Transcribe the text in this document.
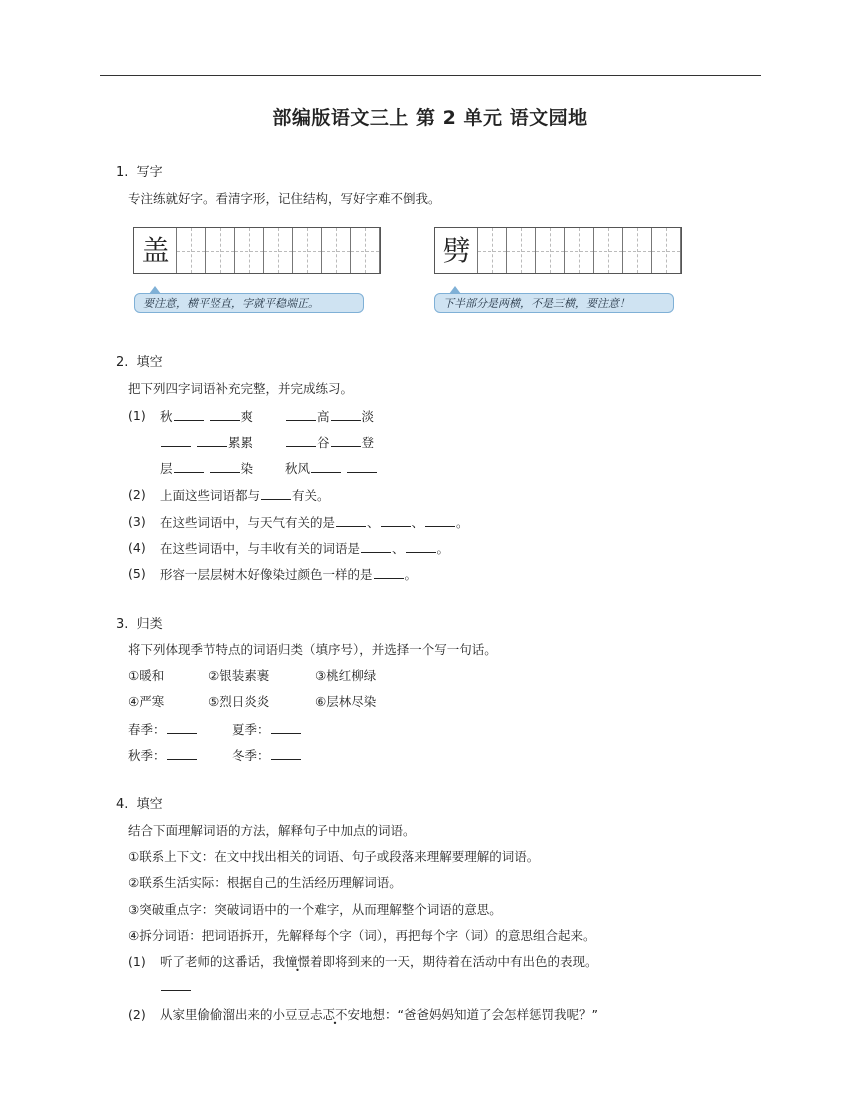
部编版语文三上 第 2 单元 语文园地
1. 写字
专注练就好字。看清字形，记住结构，写好字难不倒我。
盖
要注意，横平竖直，字就平稳端正。
劈
下半部分是两横，不是三横，要注意！
2. 填空
把下列四字词语补充完整，并完成练习。
(1) 秋	爽	高	淡
累累	谷	登
层	染	秋风
(2) 上面这些词语都与	有关。
(3) 在这些词语中，与天气有关的是	、	、	。
(4) 在这些词语中，与丰收有关的词语是	、	。
(5) 形容一层层树木好像染过颜色一样的是	。
3. 归类
将下列体现季节特点的词语归类（填序号），并选择一个写一句话。
①暖和	②银装素裹	③桃红柳绿
④严寒	⑤烈日炎炎	⑥层林尽染
春季：	夏季：
秋季：	冬季：
4. 填空
结合下面理解词语的方法，解释句子中加点的词语。
①联系上下文：在文中找出相关的词语、句子或段落来理解要理解的词语。
②联系生活实际：根据自己的生活经历理解词语。
③突破重点字：突破词语中的一个难字，从而理解整个词语的意思。
④拆分词语：把词语拆开，先解释每个字（词），再把每个字（词）的意思组合起来。
(1) 听了老师的这番话，我憧憬着即将到来的一天，期待着在活动中有出色的表现。
(2) 从家里偷偷溜出来的小豆豆忐忑不安地想：“爸爸妈妈知道了会怎样惩罚我呢？”
